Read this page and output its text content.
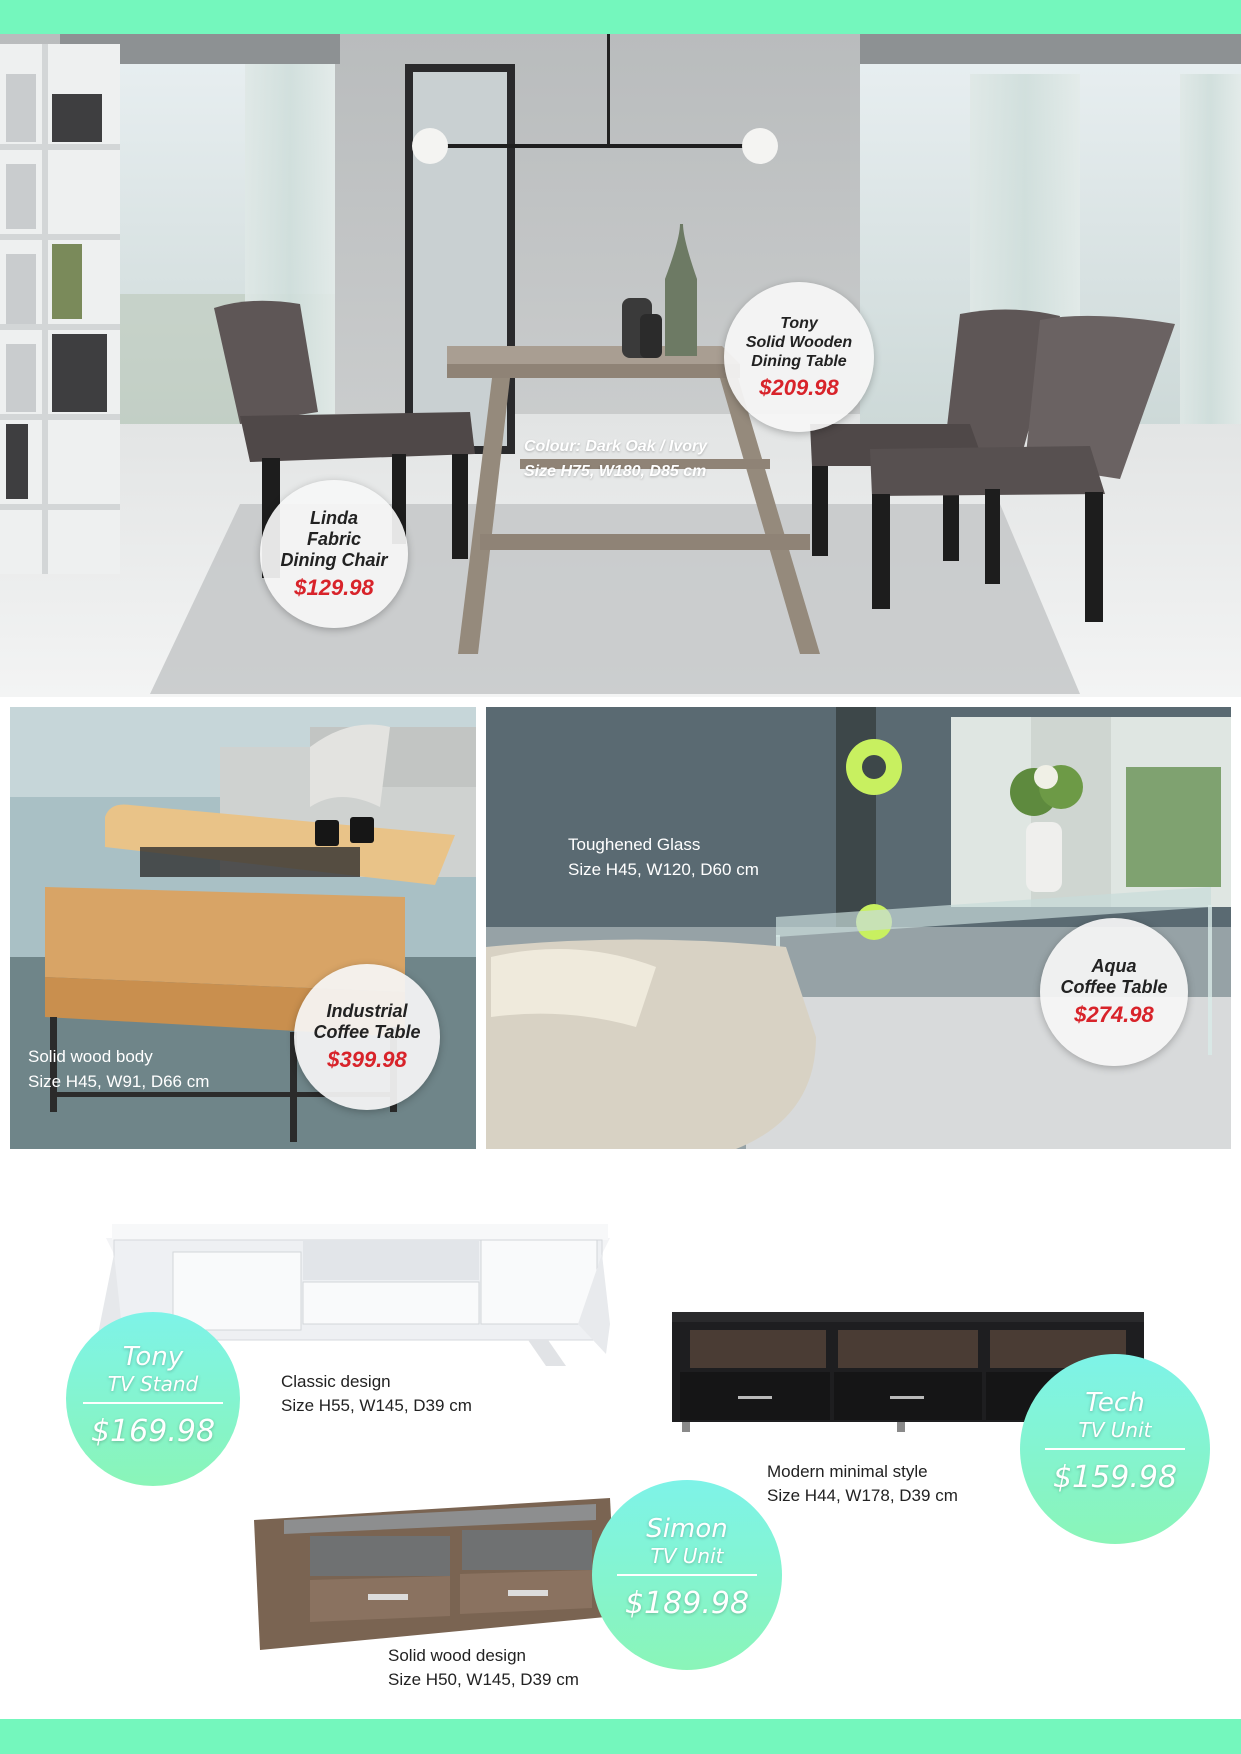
Linda
Fabric
Dining Chair
$129.98
Tony
Solid Wooden
Dining Table
$209.98
Colour: Dark Oak / Ivory
Size H75, W180, D85 cm
Solid wood body
Size H45, W91, D66 cm
Industrial
Coffee Table
$399.98
Toughened Glass
Size H45, W120, D60 cm
Aqua
Coffee Table
$274.98
Tony
TV Stand
$169.98
Classic design
Size H55, W145, D39 cm	Tech
TV Unit
$159.98
Modern minimal style
Size H44, W178, D39 cm
Simon
TV Unit
$189.98
Solid wood design
Size H50, W145, D39 cm
